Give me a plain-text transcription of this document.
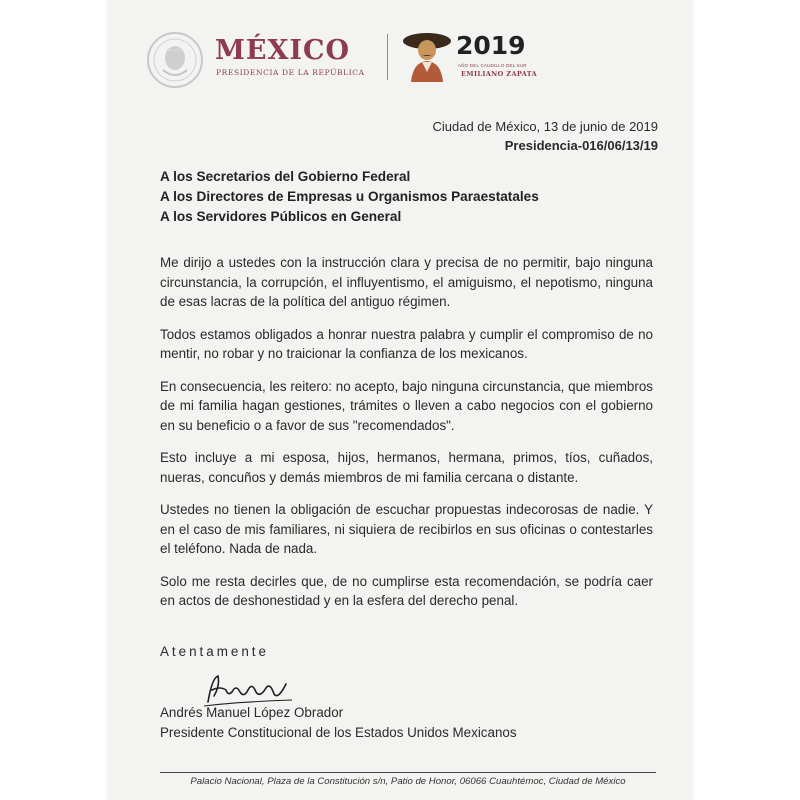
MÉXICO
PRESIDENCIA DE LA REPÚBLICA
2019
AÑO DEL CAUDILLO DEL SUR
EMILIANO ZAPATA
Ciudad de México, 13 de junio de 2019
Presidencia-016/06/13/19
A los Secretarios del Gobierno Federal
A los Directores de Empresas u Organismos Paraestatales
A los Servidores Públicos en General

Me dirijo a ustedes con la instrucción clara y precisa de no permitir, bajo ninguna circunstancia, la corrupción, el influyentismo, el amiguismo, el nepotismo, ninguna de esas lacras de la política del antiguo régimen.

Todos estamos obligados a honrar nuestra palabra y cumplir el compromiso de no mentir, no robar y no traicionar la confianza de los mexicanos.

En consecuencia, les reitero: no acepto, bajo ninguna circunstancia, que miembros de mi familia hagan gestiones, trámites o lleven a cabo negocios con el gobierno en su beneficio o a favor de sus "recomendados".

Esto incluye a mi esposa, hijos, hermanos, hermana, primos, tíos, cuñados, nueras, concuños y demás miembros de mi familia cercana o distante.

Ustedes no tienen la obligación de escuchar propuestas indecorosas de nadie. Y en el caso de mis familiares, ni siquiera de recibirlos en sus oficinas o contestarles el teléfono. Nada de nada.

Solo me resta decirles que, de no cumplirse esta recomendación, se podría caer en actos de deshonestidad y en la esfera del derecho penal.

Atentamente
Andrés Manuel López Obrador
Presidente Constitucional de los Estados Unidos Mexicanos
Palacio Nacional, Plaza de la Constitución s/n, Patio de Honor, 06066 Cuauhtémoc, Ciudad de México
